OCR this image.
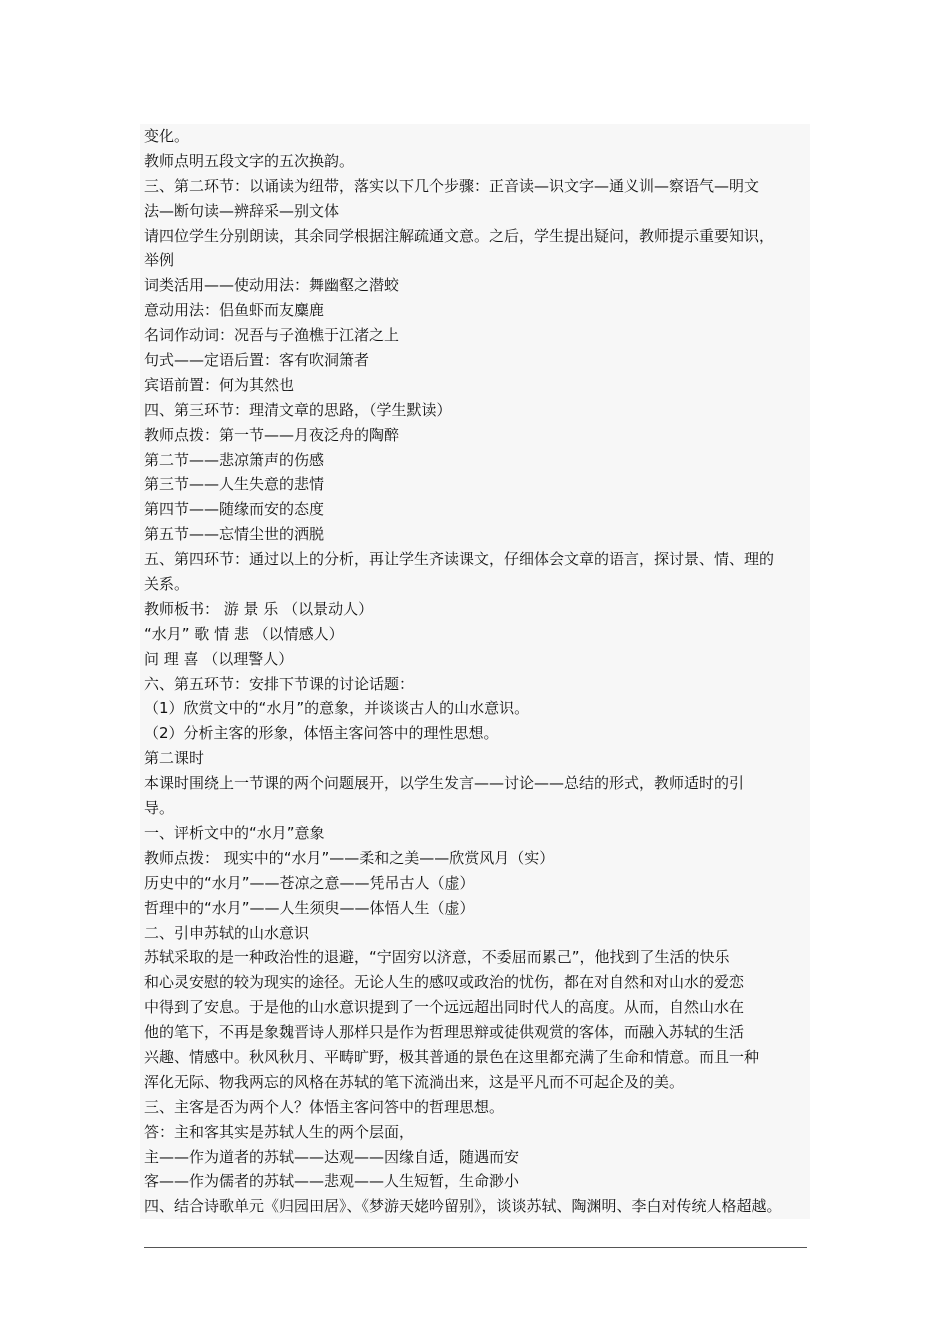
变化。
教师点明五段文字的五次换韵。
三、第二环节：以诵读为纽带，落实以下几个步骤：正音读—识文字—通义训—察语气—明文
法—断句读—辨辞采—别文体
请四位学生分别朗读，其余同学根据注解疏通文意。之后，学生提出疑问，教师提示重要知识，
举例
词类活用——使动用法：舞幽壑之潜蛟
意动用法：侣鱼虾而友麋鹿
名词作动词：况吾与子渔樵于江渚之上
句式——定语后置：客有吹洞箫者
宾语前置：何为其然也
四、第三环节：理清文章的思路，（学生默读）
教师点拨：第一节——月夜泛舟的陶醉
第二节——悲凉箫声的伤感
第三节——人生失意的悲情
第四节——随缘而安的态度
第五节——忘情尘世的洒脱
五、第四环节：通过以上的分析，再让学生齐读课文，仔细体会文章的语言，探讨景、情、理的
关系。
教师板书： 游 景 乐 （以景动人）
“水月” 歌 情 悲 （以情感人）
问 理 喜 （以理警人）
六、第五环节：安排下节课的讨论话题：
（1）欣赏文中的“水月”的意象，并谈谈古人的山水意识。
（2）分析主客的形象，体悟主客问答中的理性思想。
第二课时
本课时围绕上一节课的两个问题展开，以学生发言——讨论——总结的形式，教师适时的引
导。
一、评析文中的“水月”意象
教师点拨： 现实中的“水月”——柔和之美——欣赏风月（实）
历史中的“水月”——苍凉之意——凭吊古人（虚）
哲理中的“水月”——人生须臾——体悟人生（虚）
二、引申苏轼的山水意识
苏轼采取的是一种政治性的退避，“宁固穷以济意，不委屈而累己”，他找到了生活的快乐
和心灵安慰的较为现实的途径。无论人生的感叹或政治的忧伤，都在对自然和对山水的爱恋
中得到了安息。于是他的山水意识提到了一个远远超出同时代人的高度。从而，自然山水在
他的笔下，不再是象魏晋诗人那样只是作为哲理思辩或徒供观赏的客体，而融入苏轼的生活
兴趣、情感中。秋风秋月、平畴旷野，极其普通的景色在这里都充满了生命和情意。而且一种
浑化无际、物我两忘的风格在苏轼的笔下流淌出来，这是平凡而不可起企及的美。
三、主客是否为两个人？体悟主客问答中的哲理思想。
答：主和客其实是苏轼人生的两个层面，
主——作为道者的苏轼——达观——因缘自适，随遇而安
客——作为儒者的苏轼——悲观——人生短暂，生命渺小
四、结合诗歌单元《归园田居》、《梦游天姥吟留别》，谈谈苏轼、陶渊明、李白对传统人格超越。
